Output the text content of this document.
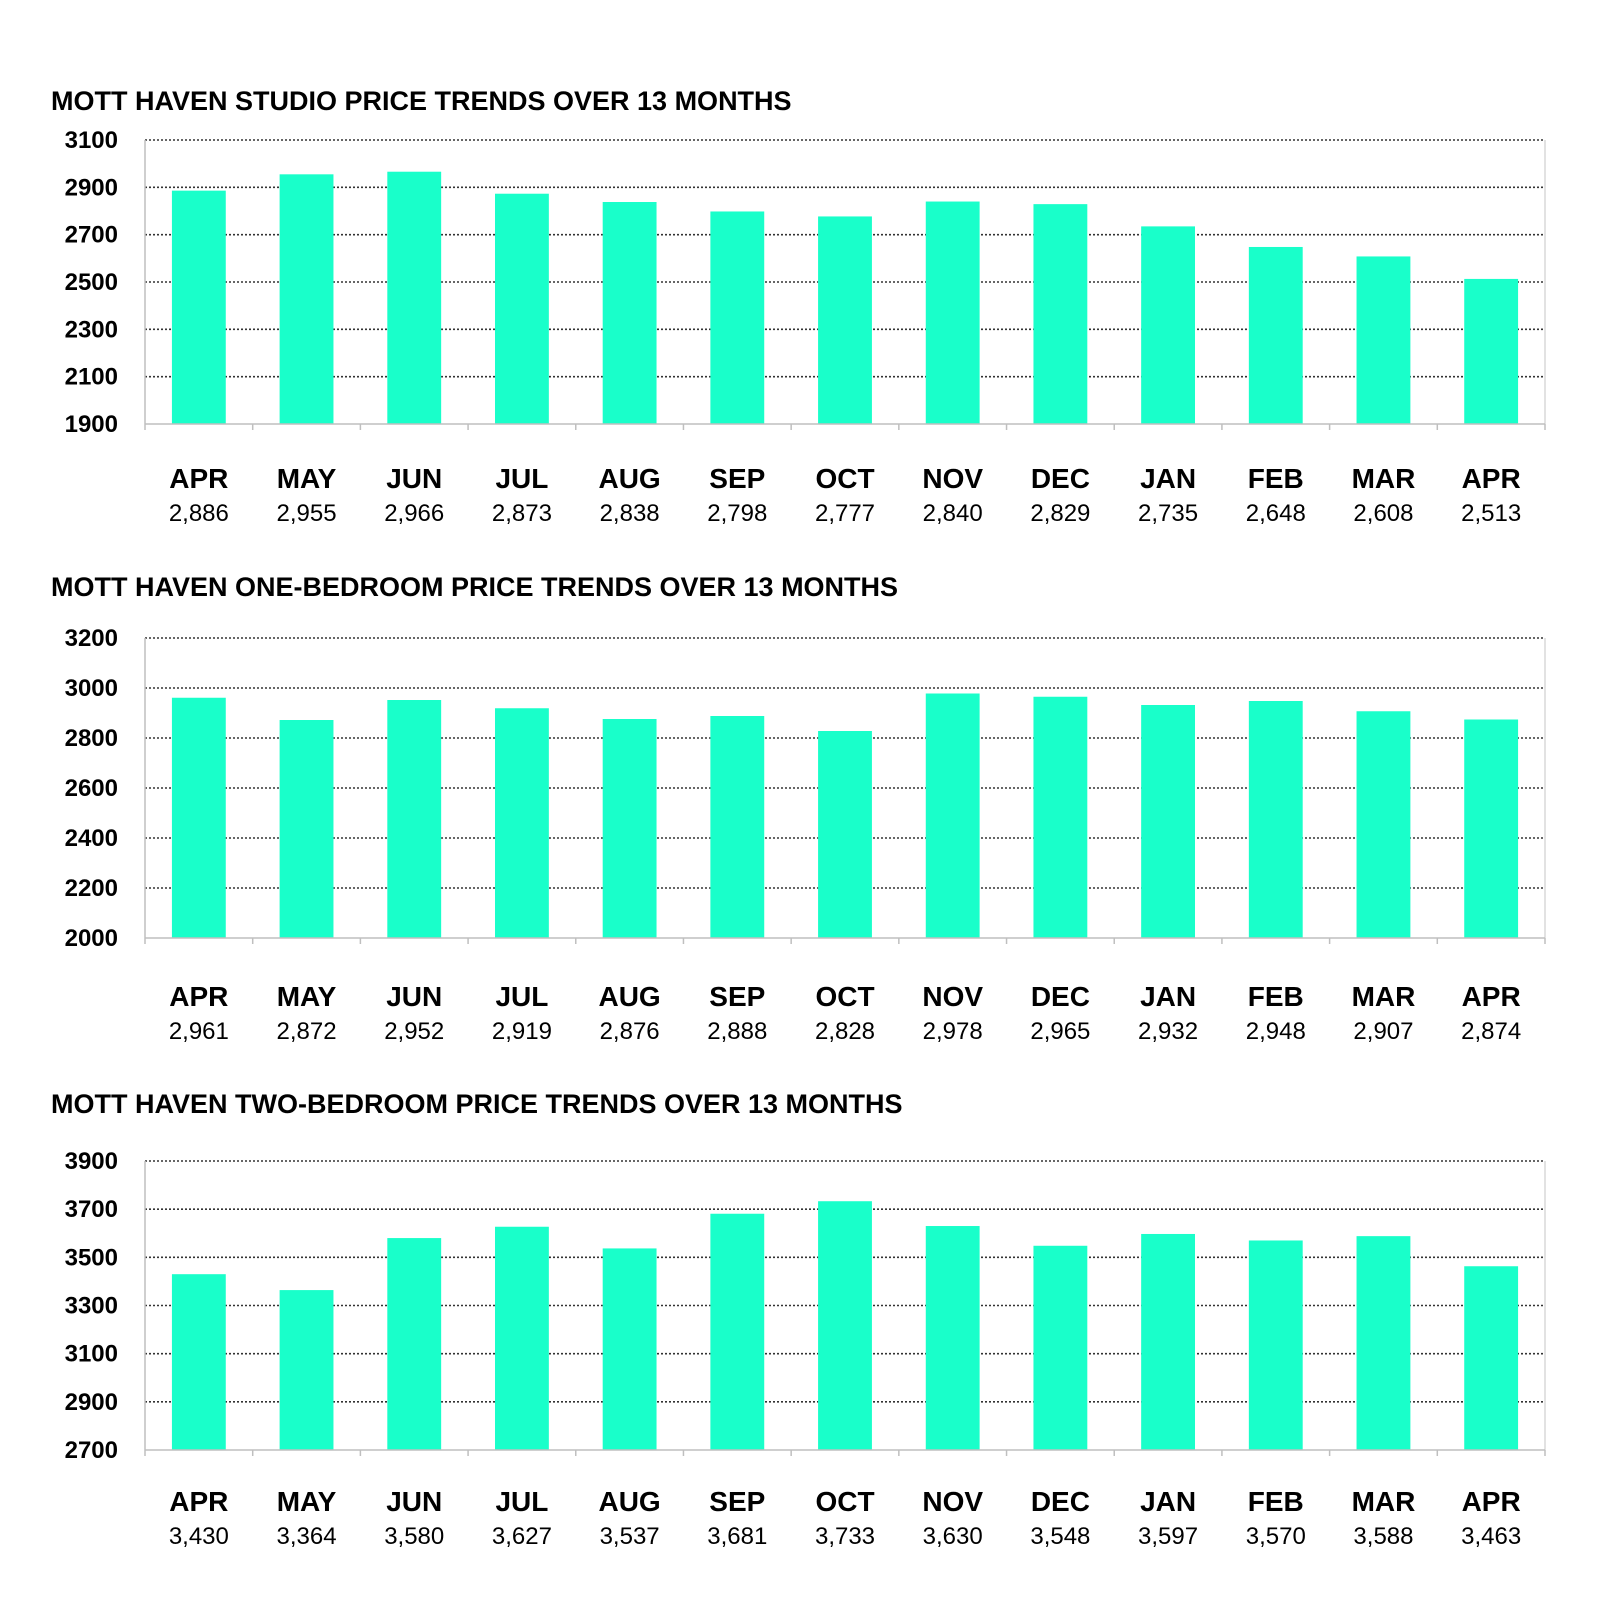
MOTT HAVEN STUDIO PRICE TRENDS OVER 13 MONTHS
1900
2100
2300
2500
2700
2900
3100
APR
2,886
MAY
2,955
JUN
2,966
JUL
2,873
AUG
2,838
SEP
2,798
OCT
2,777
NOV
2,840
DEC
2,829
JAN
2,735
FEB
2,648
MAR
2,608
APR
2,513
MOTT HAVEN ONE-BEDROOM PRICE TRENDS OVER 13 MONTHS
2000
2200
2400
2600
2800
3000
3200
APR
2,961
MAY
2,872
JUN
2,952
JUL
2,919
AUG
2,876
SEP
2,888
OCT
2,828
NOV
2,978
DEC
2,965
JAN
2,932
FEB
2,948
MAR
2,907
APR
2,874
MOTT HAVEN TWO-BEDROOM PRICE TRENDS OVER 13 MONTHS
2700
2900
3100
3300
3500
3700
3900
APR
3,430
MAY
3,364
JUN
3,580
JUL
3,627
AUG
3,537
SEP
3,681
OCT
3,733
NOV
3,630
DEC
3,548
JAN
3,597
FEB
3,570
MAR
3,588
APR
3,463
